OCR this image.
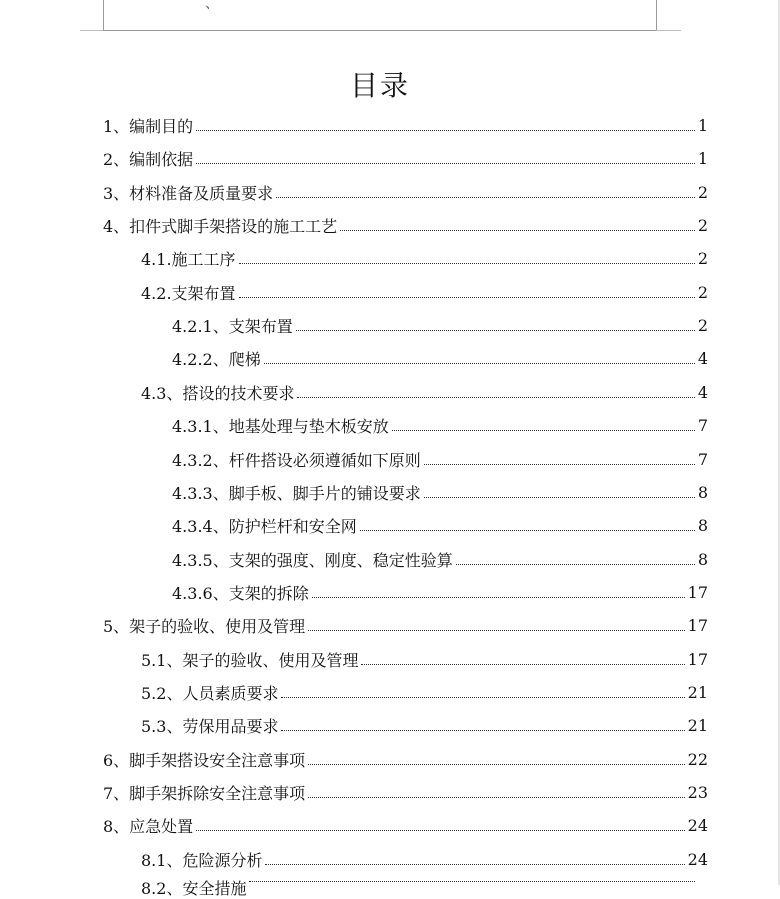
、
目录
1、编制目的	1
2、编制依据	1
3、材料准备及质量要求	2
4、扣件式脚手架搭设的施工工艺	2
4.1.施工工序	2
4.2.支架布置	2
4.2.1、支架布置	2
4.2.2、爬梯	4
4.3、搭设的技术要求	4
4.3.1、地基处理与垫木板安放	7
4.3.2、杆件搭设必须遵循如下原则	7
4.3.3、脚手板、脚手片的铺设要求	8
4.3.4、防护栏杆和安全网	8
4.3.5、支架的强度、刚度、稳定性验算	8
4.3.6、支架的拆除	17
5、架子的验收、使用及管理	17
5.1、架子的验收、使用及管理	17
5.2、人员素质要求	21
5.3、劳保用品要求	21
6、脚手架搭设安全注意事项	22
7、脚手架拆除安全注意事项	23
8、应急处置	24
8.1、危险源分析	24
8.2、安全措施
